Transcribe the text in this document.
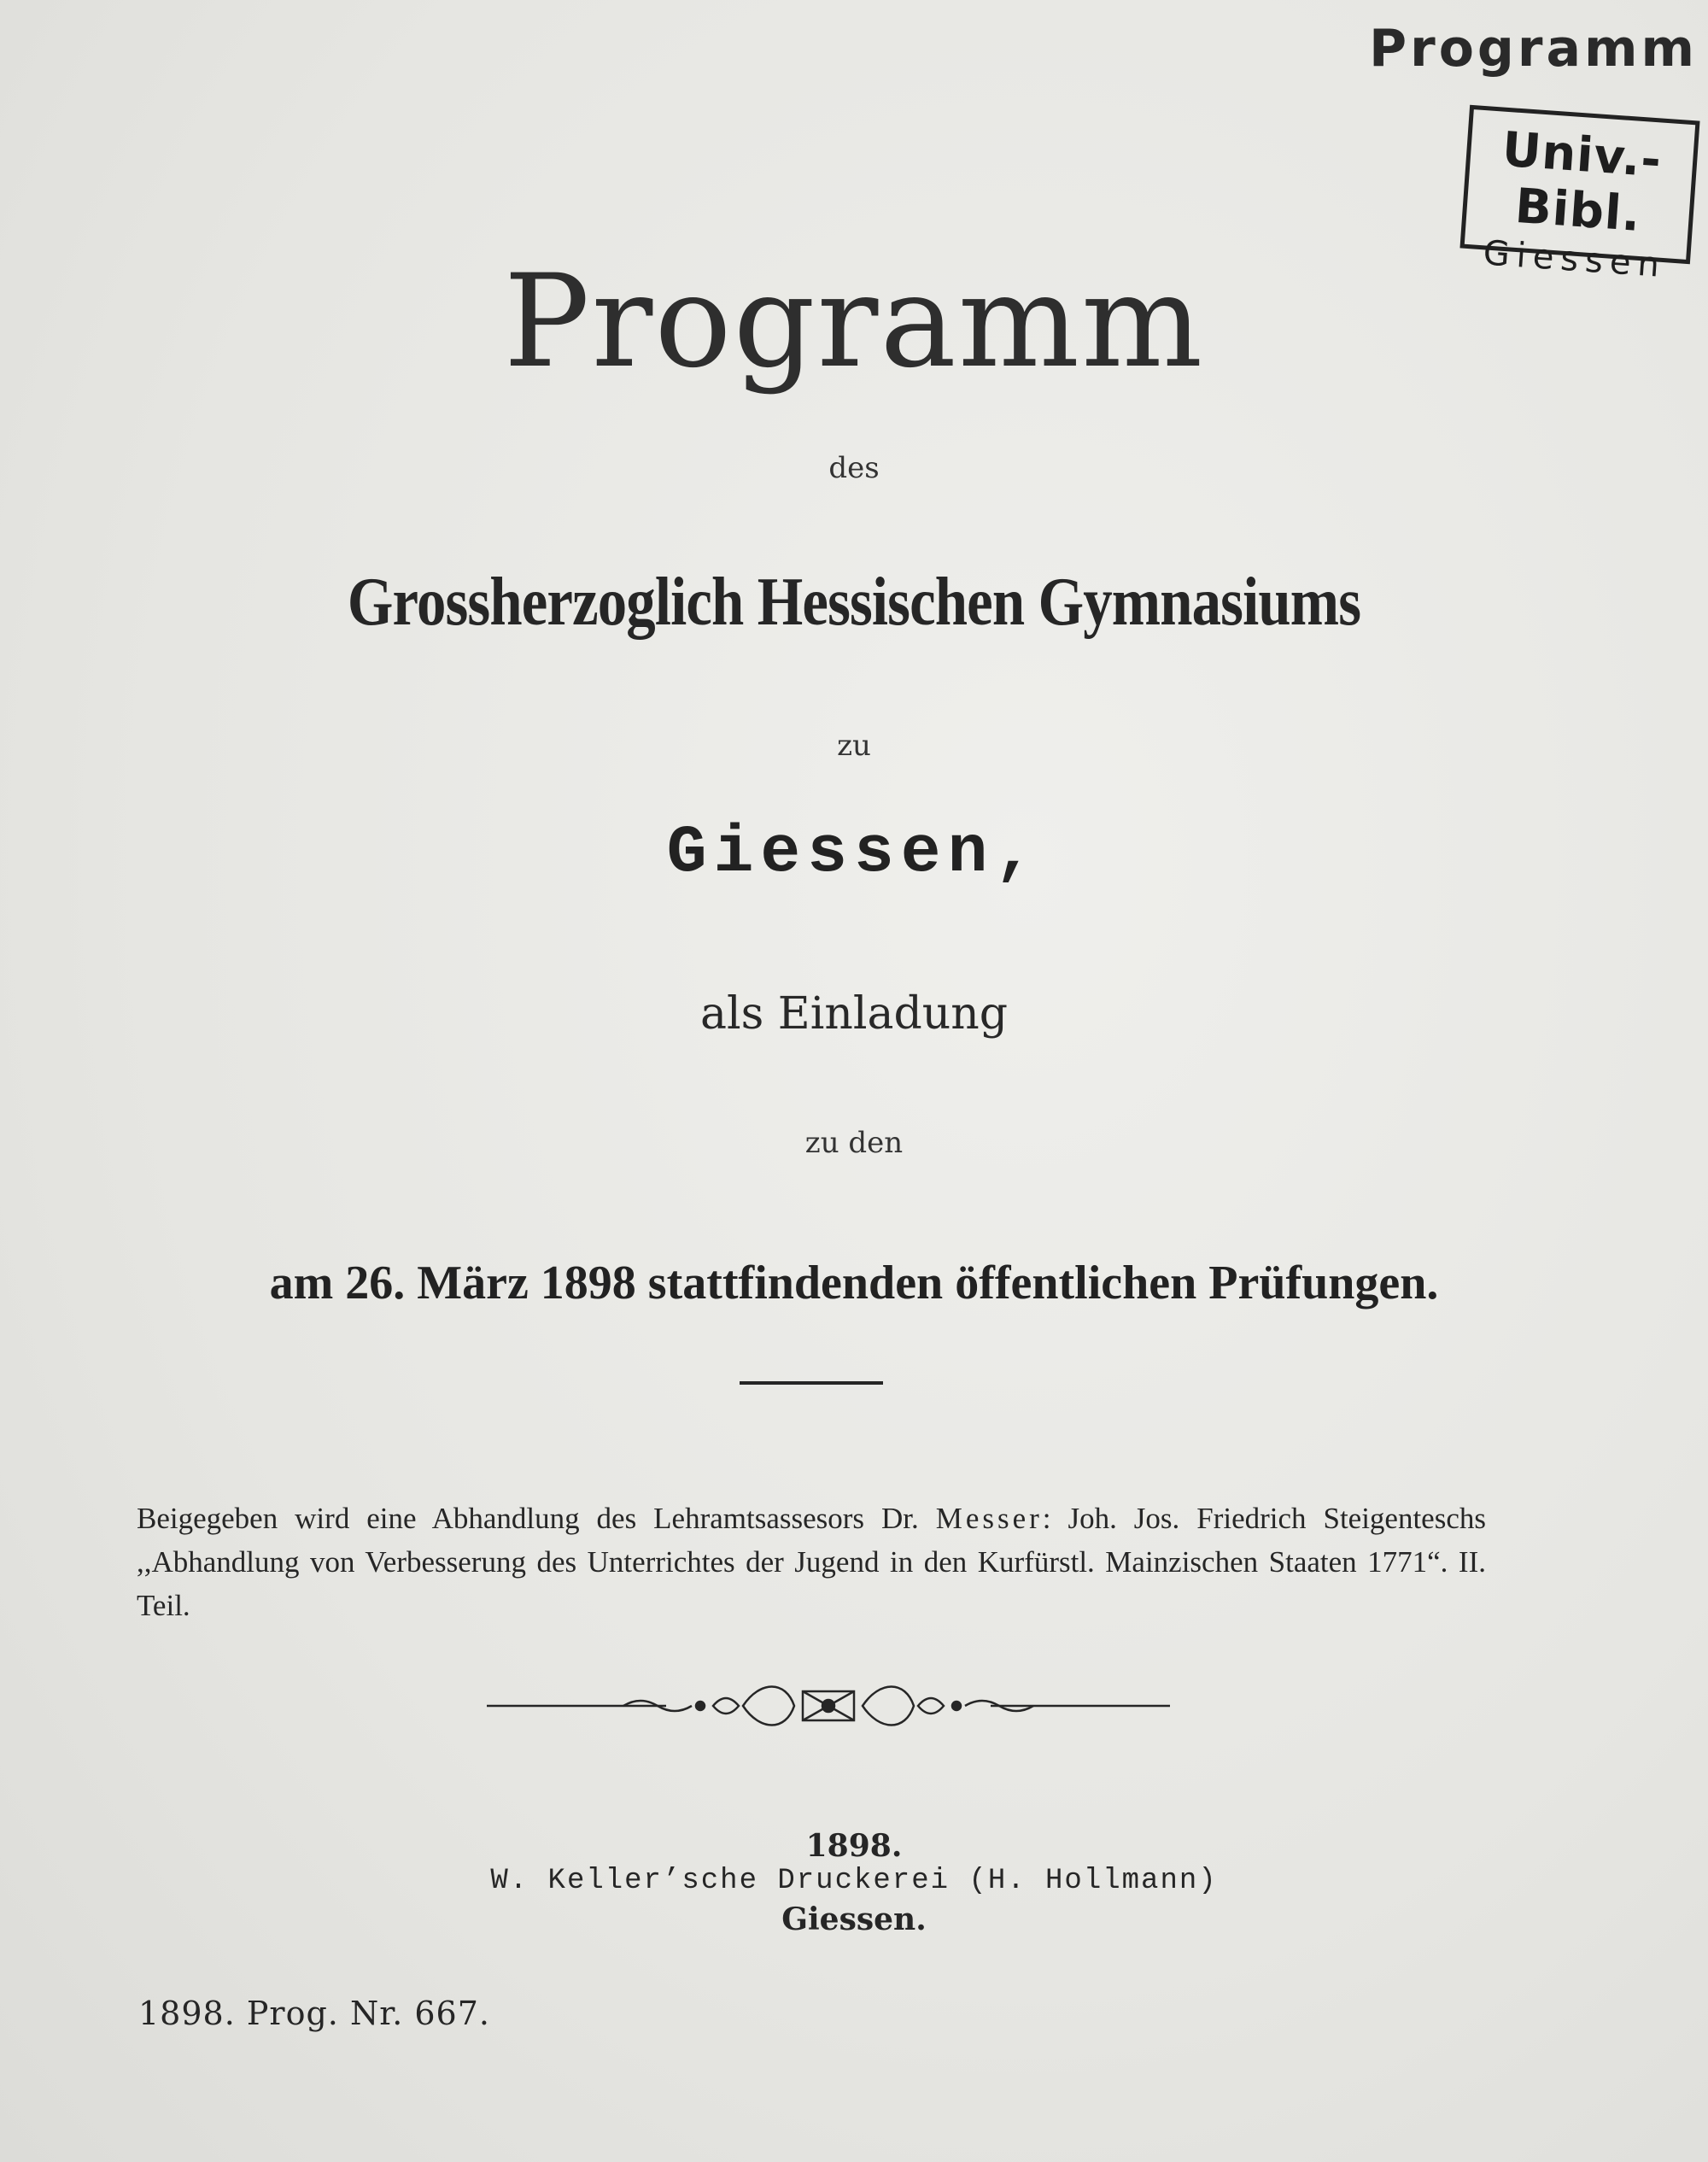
Programm
Univ.-Bibl.
Giessen
Programm
des
Grossherzoglich Hessischen Gymnasiums
zu
Giessen,
als Einladung
zu den
am 26. März 1898 stattfindenden öffentlichen Prüfungen.
Beigegeben wird eine Abhandlung des Lehramtsassesors Dr. Messer: Joh. Jos. Friedrich Steigenteschs ,,Abhandlung von Verbesserung des Unterrichtes der Jugend in den Kurfürstl. Mainzischen Staaten 1771“. II. Teil.
1898.
W. Keller’sche Druckerei (H. Hollmann)
Giessen.
1898. Prog. Nr. 667.
